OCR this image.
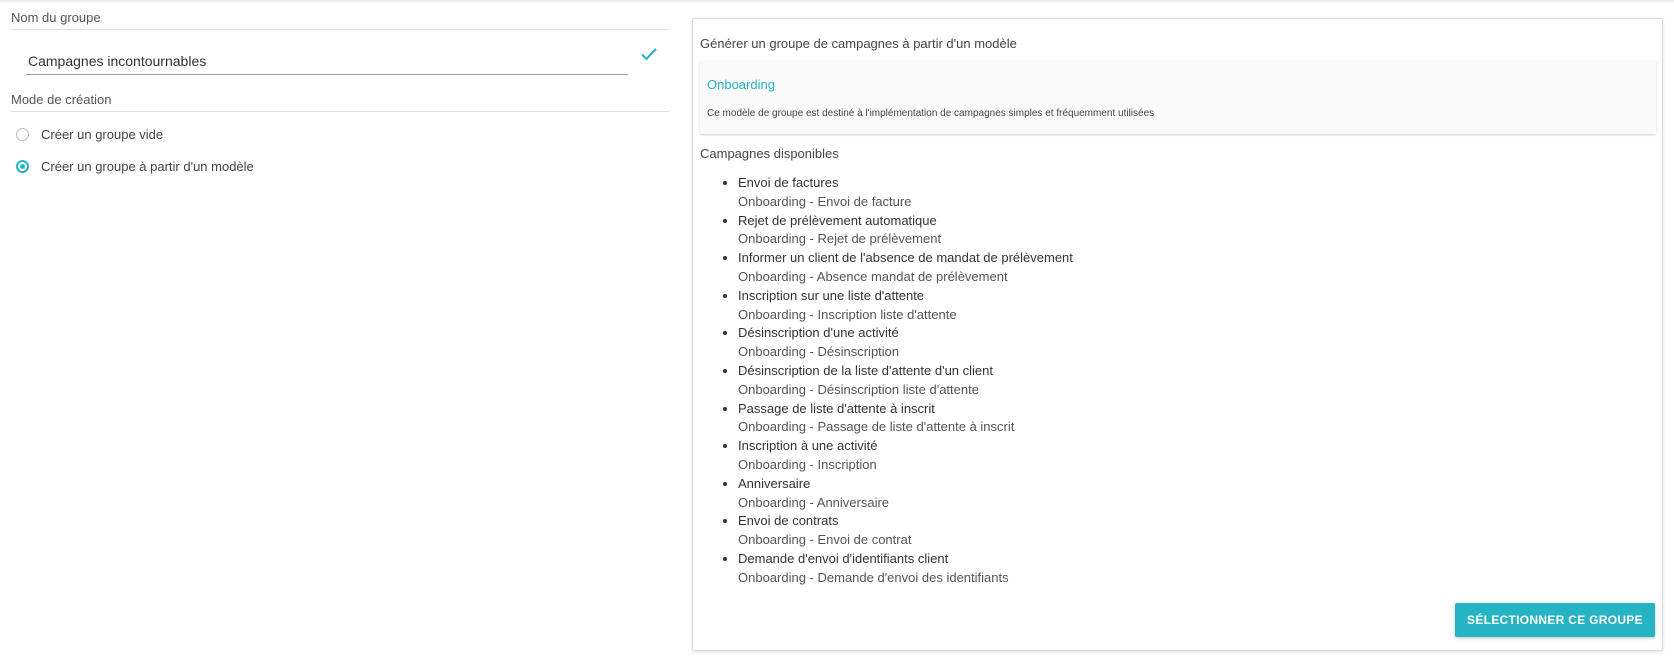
Nom du groupe
Campagnes incontournables
Mode de création
Créer un groupe vide
Créer un groupe à partir d'un modèle
Générer un groupe de campagnes à partir d'un modèle
Onboarding
Ce modèle de groupe est destiné à l'implémentation de campagnes simples et fréquemment utilisées
Campagnes disponibles
• Envoi de factures
Onboarding - Envoi de facture
• Rejet de prélèvement automatique
Onboarding - Rejet de prélèvement
• Informer un client de l'absence de mandat de prélèvement
Onboarding - Absence mandat de prélèvement
• Inscription sur une liste d'attente
Onboarding - Inscription liste d'attente
• Désinscription d'une activité
Onboarding - Désinscription
• Désinscription de la liste d'attente d'un client
Onboarding - Désinscription liste d'attente
• Passage de liste d'attente à inscrit
Onboarding - Passage de liste d'attente à inscrit
• Inscription à une activité
Onboarding - Inscription
• Anniversaire
Onboarding - Anniversaire
• Envoi de contrats
Onboarding - Envoi de contrat
• Demande d'envoi d'identifiants client
Onboarding - Demande d'envoi des identifiants
SÉLECTIONNER CE GROUPE
